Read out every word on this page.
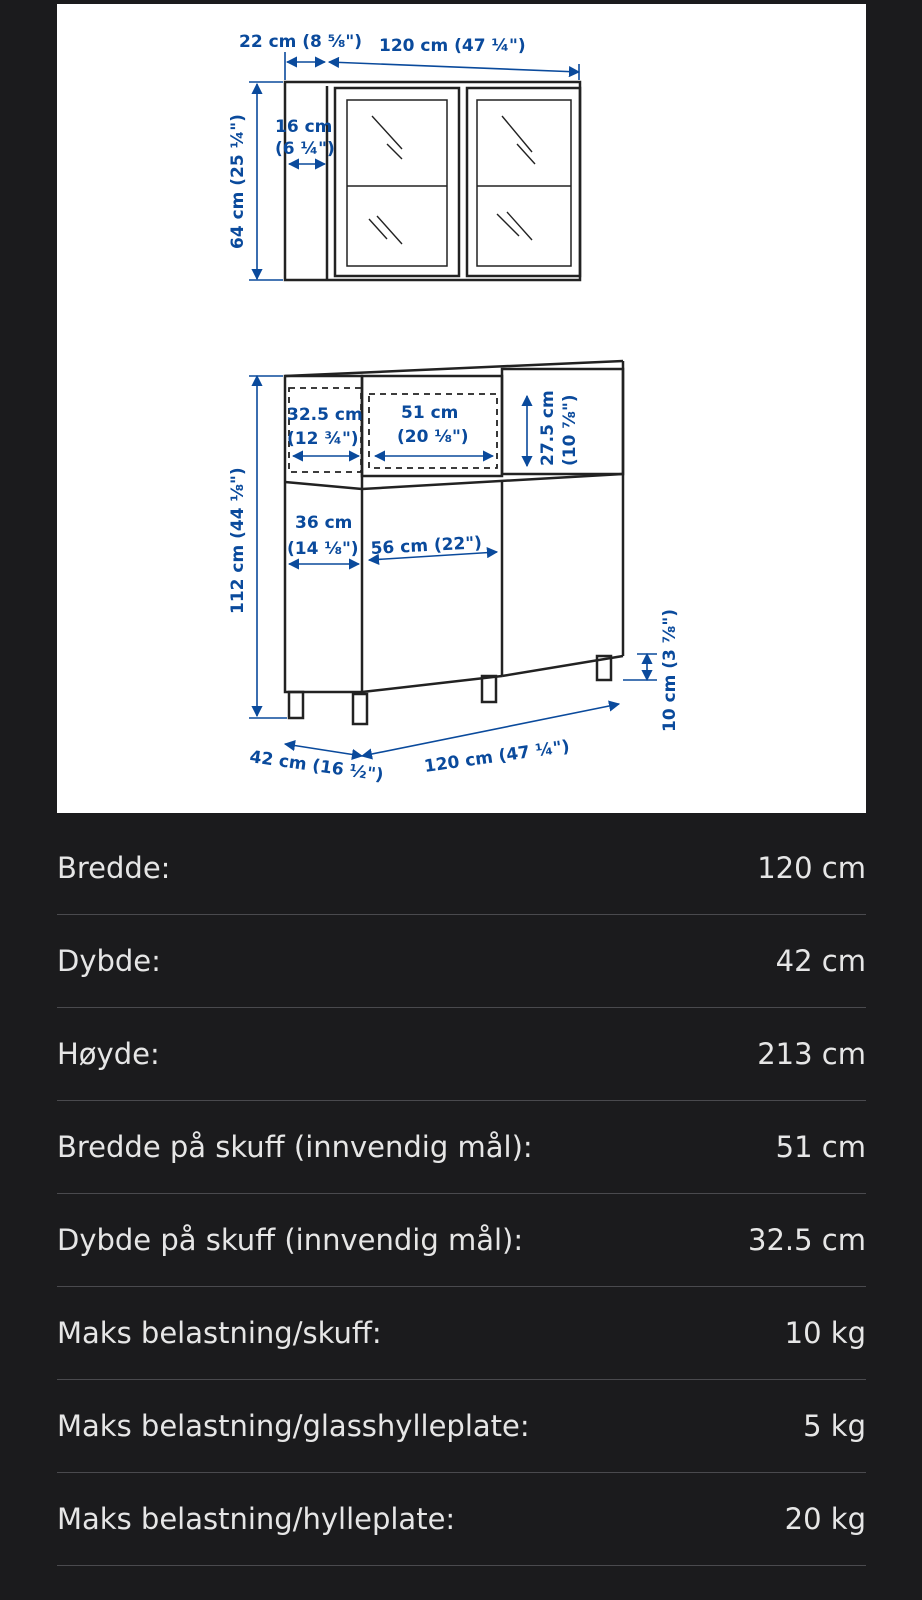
22 cm (8 ⅝") 120 cm (47 ¼")
64 cm (25 ¼") 16 cm
(6 ¼")
112 cm (44 ⅛")
32.5 cm
(12 ¾")
51 cm
(20 ⅛")	27.5 cm (10 ⅞")
36 cm
(14 ⅛") 56 cm (22")
10 cm (3 ⅞")
42 cm (16 ½") 120 cm (47 ¼")
Bredde:	120 cm
Dybde:	42 cm
Høyde:	213 cm
Bredde på skuff (innvendig mål):	51 cm
Dybde på skuff (innvendig mål):	32.5 cm
Maks belastning/skuff:	10 kg
Maks belastning/glasshylleplate:	5 kg
Maks belastning/hylleplate:	20 kg
